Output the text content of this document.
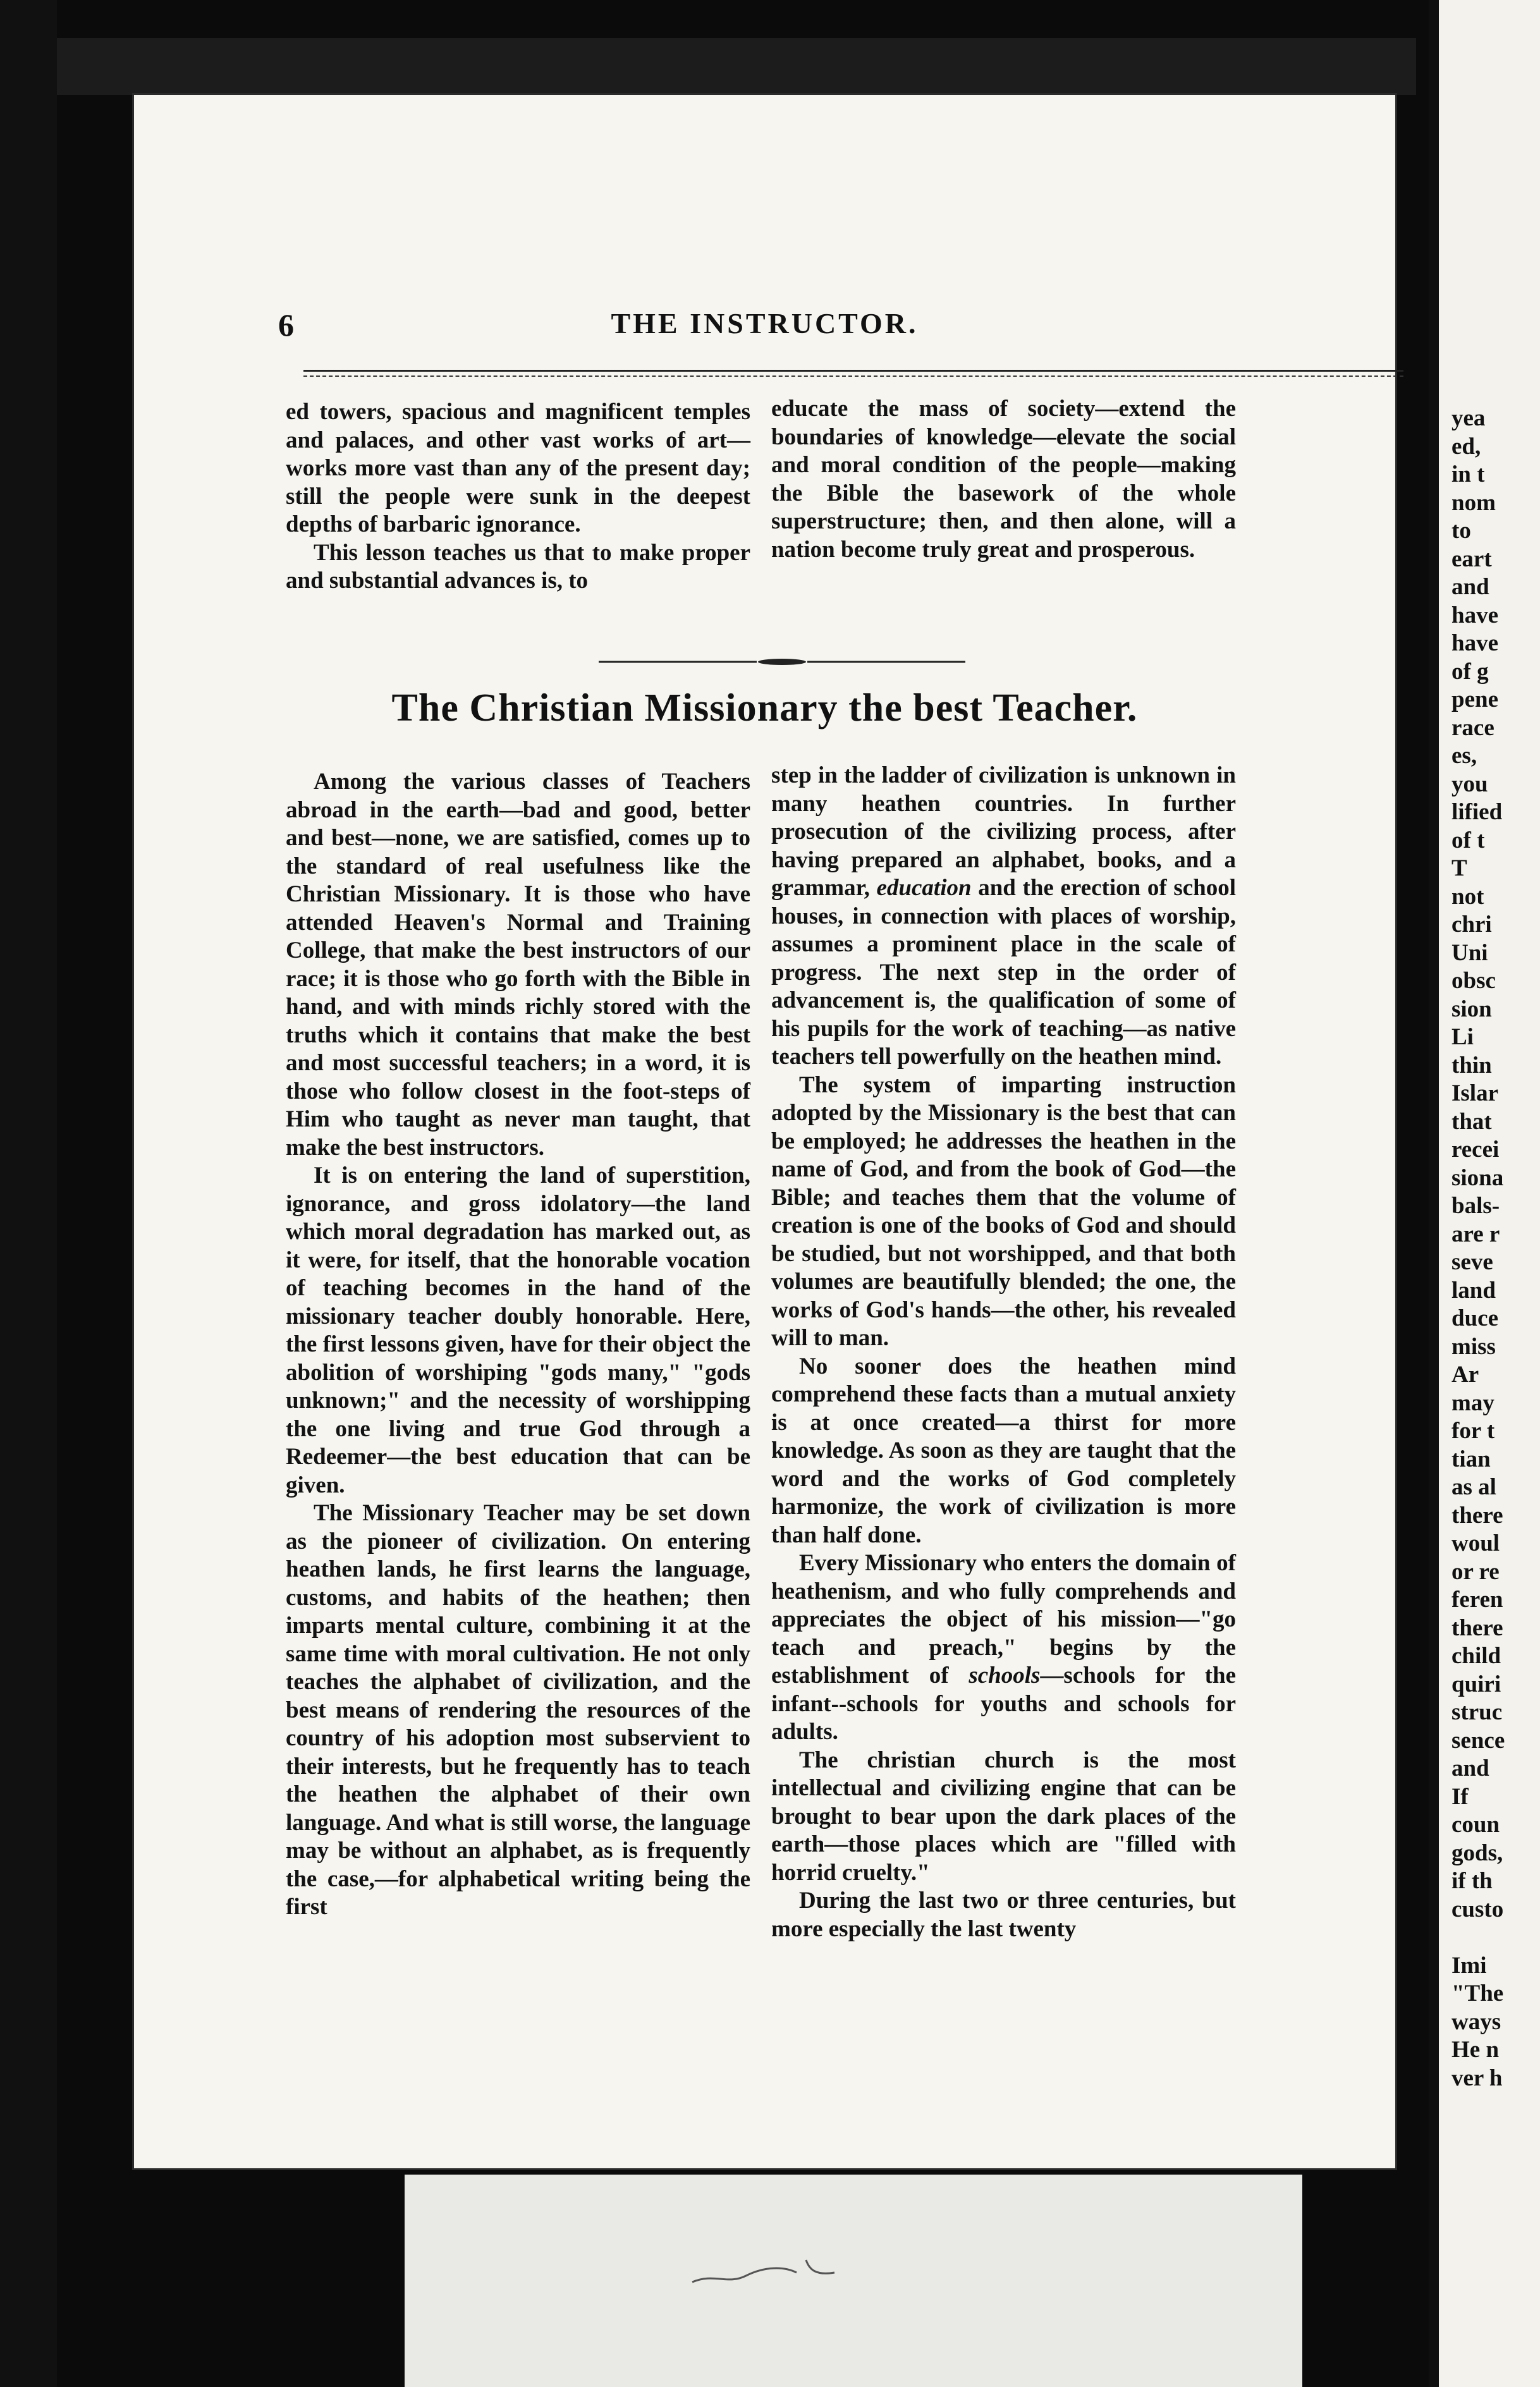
THE INSTRUCTOR.
6

ed towers, spacious and magnificent temples and palaces, and other vast works of art—works more vast than any of the present day; still the people were sunk in the deepest depths of barbaric ignorance.

This lesson teaches us that to make proper and substantial advances is, to

educate the mass of society—extend the boundaries of knowledge—elevate the social and moral condition of the people—making the Bible the basework of the whole superstructure; then, and then alone, will a nation become truly great and prosperous.

The Christian Missionary the best Teacher.

Among the various classes of Teachers abroad in the earth—bad and good, better and best—none, we are satisfied, comes up to the standard of real usefulness like the Christian Missionary. It is those who have attended Heaven's Normal and Training College, that make the best instructors of our race; it is those who go forth with the Bible in hand, and with minds richly stored with the truths which it contains that make the best and most successful teachers; in a word, it is those who follow closest in the foot-steps of Him who taught as never man taught, that make the best instructors.

It is on entering the land of superstition, ignorance, and gross idolatory—the land which moral degradation has marked out, as it were, for itself, that the honorable vocation of teaching becomes in the hand of the missionary teacher doubly honorable. Here, the first lessons given, have for their object the abolition of worshiping "gods many," "gods unknown;" and the necessity of worshipping the one living and true God through a Redeemer—the best education that can be given.

The Missionary Teacher may be set down as the pioneer of civilization. On entering heathen lands, he first learns the language, customs, and habits of the heathen; then imparts mental culture, combining it at the same time with moral cultivation. He not only teaches the alphabet of civilization, and the best means of rendering the resources of the country of his adoption most subservient to their interests, but he frequently has to teach the heathen the alphabet of their own language. And what is still worse, the language may be without an alphabet, as is frequently the case,—for alphabetical writing being the first

step in the ladder of civilization is unknown in many heathen countries. In further prosecution of the civilizing process, after having prepared an alphabet, books, and a grammar, education and the erection of school houses, in connection with places of worship, assumes a prominent place in the scale of progress. The next step in the order of advancement is, the qualification of some of his pupils for the work of teaching—as native teachers tell powerfully on the heathen mind.

The system of imparting instruction adopted by the Missionary is the best that can be employed; he addresses the heathen in the name of God, and from the book of God—the Bible; and teaches them that the volume of creation is one of the books of God and should be studied, but not worshipped, and that both volumes are beautifully blended; the one, the works of God's hands—the other, his revealed will to man.

No sooner does the heathen mind comprehend these facts than a mutual anxiety is at once created—a thirst for more knowledge. As soon as they are taught that the word and the works of God completely harmonize, the work of civilization is more than half done.

Every Missionary who enters the domain of heathenism, and who fully comprehends and appreciates the object of his mission—"go teach and preach," begins by the establishment of schools—schools for the infant--schools for youths and schools for adults.

The christian church is the most intellectual and civilizing engine that can be brought to bear upon the dark places of the earth—those places which are "filled with horrid cruelty."

During the last two or three centuries, but more especially the last twenty

yea
ed,
in t
nom
to
eart
and
have
have
of g
pene
race
es,
you
lified
of t
T
not
chri
Uni
obsc
sion
Li
thin
Islar
that
recei
siona
bals-
are r
seve
land
duce
miss
Ar
may
for t
tian
as al
there
woul
or re
feren
there
child
quiri
struc
sence
and
If
coun
gods,
if th
custo
Imi
"The
ways
He n
ver h
